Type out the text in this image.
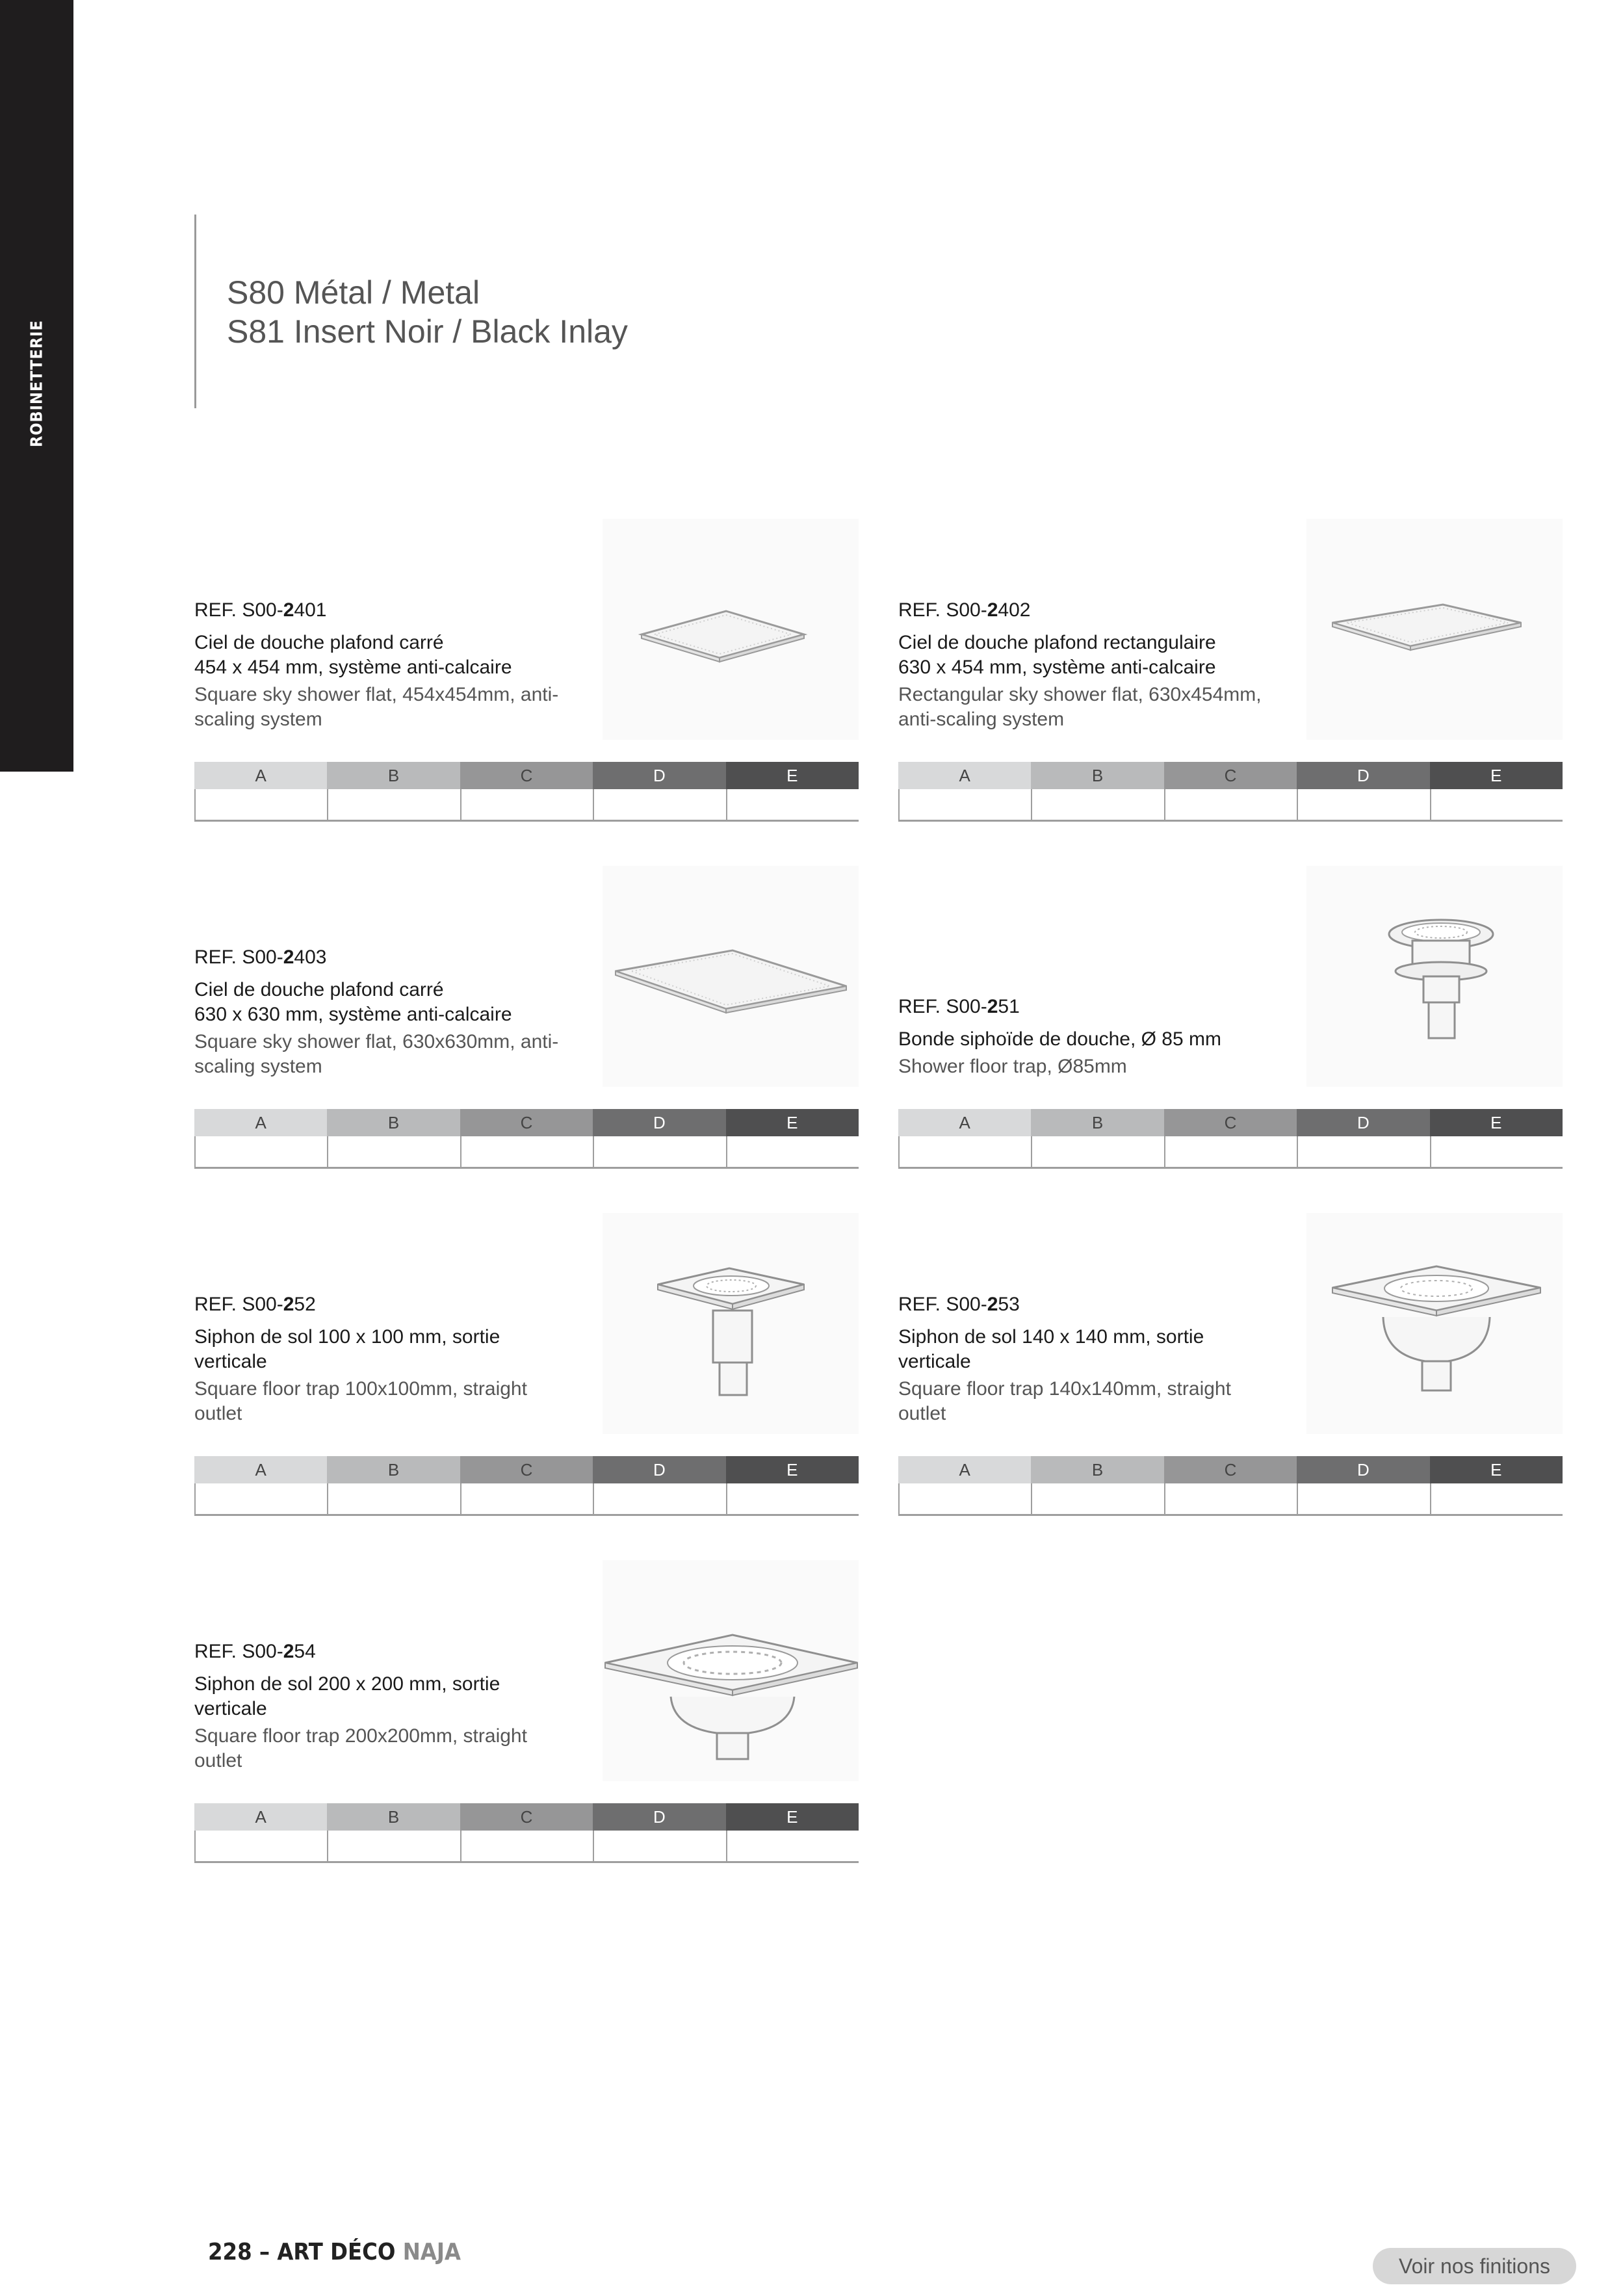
ROBINETTERIE
S80 Métal / Metal
S81 Insert Noir / Black Inlay
REF. S00-2401
Ciel de douche plafond carré
454 x 454 mm, système anti-calcaire
Square sky shower flat, 454x454mm, anti-
scaling system
A	B	C	D	E
REF. S00-2402
Ciel de douche plafond rectangulaire
630 x 454 mm, système anti-calcaire
Rectangular sky shower flat, 630x454mm,
anti-scaling system
A	B	C	D	E
REF. S00-2403
Ciel de douche plafond carré
630 x 630 mm, système anti-calcaire
Square sky shower flat, 630x630mm, anti-
scaling system
A	B	C	D	E
REF. S00-251
Bonde siphoïde de douche, Ø 85 mm
Shower floor trap, Ø85mm
A	B	C	D	E
REF. S00-252
Siphon de sol 100 x 100 mm, sortie
verticale
Square floor trap 100x100mm, straight
outlet
A	B	C	D	E
REF. S00-253
Siphon de sol 140 x 140 mm, sortie
verticale
Square floor trap 140x140mm, straight
outlet
A	B	C	D	E
REF. S00-254
Siphon de sol 200 x 200 mm, sortie
verticale
Square floor trap 200x200mm, straight
outlet
A	B	C	D	E
228 – ART DÉCO NAJA
Voir nos finitions
